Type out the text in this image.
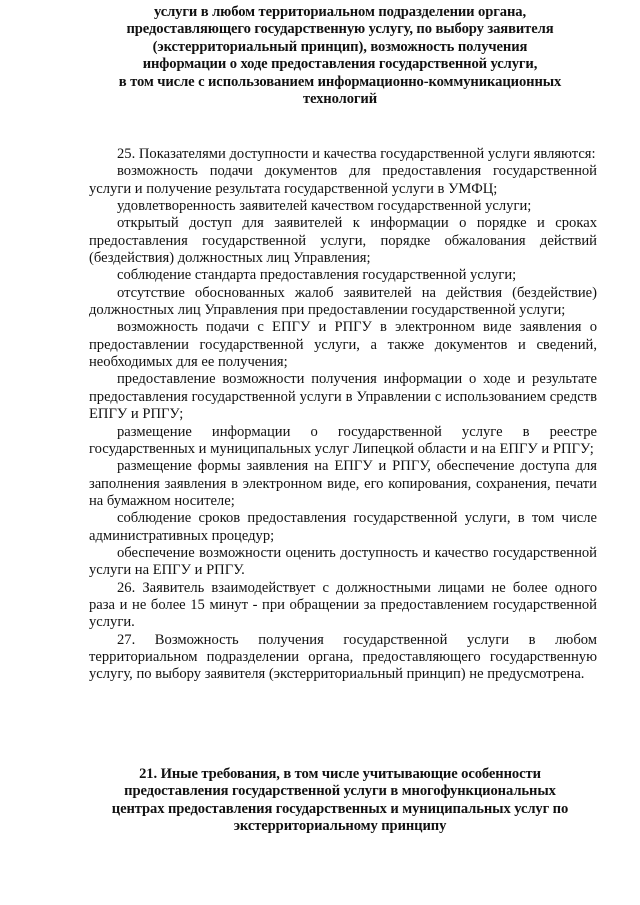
услуги в любом территориальном подразделении органа,
предоставляющего государственную услугу, по выбору заявителя
(экстерриториальный принцип), возможность получения
информации о ходе предоставления государственной услуги,
в том числе с использованием информационно-коммуникационных
технологий

25. Показателями доступности и качества государственной услуги являются:

возможность подачи документов для предоставления государственной услуги и получение результата государственной услуги в УМФЦ;

удовлетворенность заявителей качеством государственной услуги;

открытый доступ для заявителей к информации о порядке и сроках предоставления государственной услуги, порядке обжалования действий (бездействия) должностных лиц Управления;

соблюдение стандарта предоставления государственной услуги;

отсутствие обоснованных жалоб заявителей на действия (бездействие) должностных лиц Управления при предоставлении государственной услуги;

возможность подачи с ЕПГУ и РПГУ в электронном виде заявления о предоставлении государственной услуги, а также документов и сведений, необходимых для ее получения;

предоставление возможности получения информации о ходе и результате предоставления государственной услуги в Управлении с использованием средств ЕПГУ и РПГУ;

размещение информации о государственной услуге в реестре государственных и муниципальных услуг Липецкой области и на ЕПГУ и РПГУ;

размещение формы заявления на ЕПГУ и РПГУ, обеспечение доступа для заполнения заявления в электронном виде, его копирования, сохранения, печати на бумажном носителе;

соблюдение сроков предоставления государственной услуги, в том числе административных процедур;

обеспечение возможности оценить доступность и качество государственной услуги на ЕПГУ и РПГУ.

26. Заявитель взаимодействует с должностными лицами не более одного раза и не более 15 минут - при обращении за предоставлением государственной услуги.

27. Возможность получения государственной услуги в любом территориальном подразделении органа, предоставляющего государственную услугу, по выбору заявителя (экстерриториальный принцип) не предусмотрена.

21. Иные требования, в том числе учитывающие особенности
предоставления государственной услуги в многофункциональных
центрах предоставления государственных и муниципальных услуг по
экстерриториальному принципу
